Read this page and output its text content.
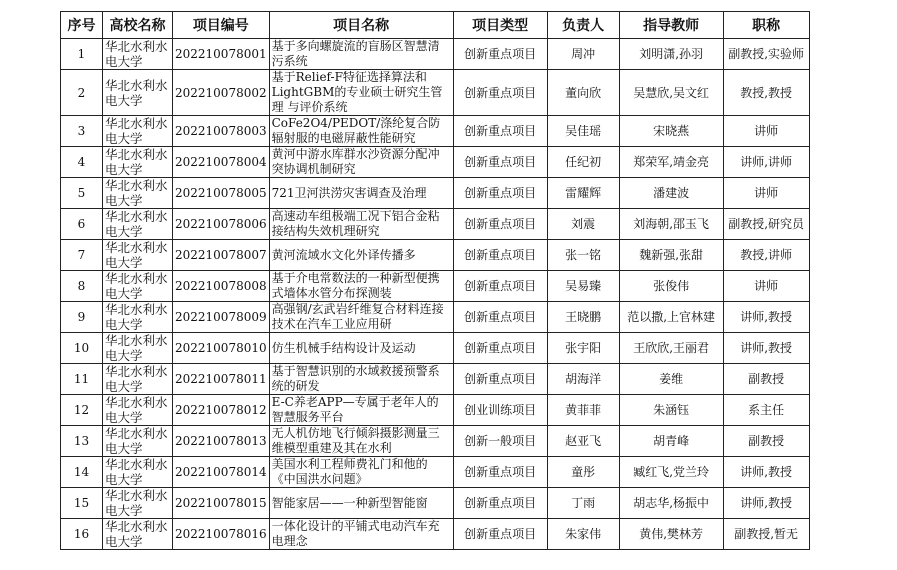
序号	高校名称	项目编号	项目名称	项目类型	负责人	指导教师	职称
1	华北水利水电大学	202210078001	基于多向螺旋流的盲肠区智慧清污系统	创新重点项目	周冲	刘明潇,孙羽	副教授,实验师
2	华北水利水电大学	202210078002	基于Relief-F特征选择算法和LightGBM的专业硕士研究生管理 与评价系统	创新重点项目	董向欣	吴慧欣,吴文红	教授,教授
3	华北水利水电大学	202210078003	CoFe2O4/PEDOT/涤纶复合防辐射服的电磁屏蔽性能研究	创新重点项目	吴佳瑶	宋晓燕	讲师
4	华北水利水电大学	202210078004	黄河中游水库群水沙资源分配冲突协调机制研究	创新重点项目	任纪初	郑荣军,靖金亮	讲师,讲师
5	华北水利水电大学	202210078005	721卫河洪涝灾害调查及治理	创新重点项目	雷耀辉	潘建波	讲师
6	华北水利水电大学	202210078006	高速动车组极端工况下铝合金粘接结构失效机理研究	创新重点项目	刘震	刘海朝,邵玉飞	副教授,研究员
7	华北水利水电大学	202210078007	黄河流域水文化外译传播多	创新重点项目	张一铭	魏新强,张甜	教授,讲师
8	华北水利水电大学	202210078008	基于介电常数法的一种新型便携式墙体水管分布探测装	创新重点项目	吴易臻	张俊伟	讲师
9	华北水利水电大学	202210078009	高强钢/玄武岩纤维复合材料连接技术在汽车工业应用研	创新重点项目	王晓鹏	范以撒,上官林建	讲师,教授
10	华北水利水电大学	202210078010	仿生机械手结构设计及运动	创新重点项目	张宇阳	王欣欣,王丽君	讲师,教授
11	华北水利水电大学	202210078011	基于智慧识别的水域救援预警系统的研发	创新重点项目	胡海洋	姜维	副教授
12	华北水利水电大学	202210078012	E-C养老APP—专属于老年人的智慧服务平台	创业训练项目	黄菲菲	朱涵钰	系主任
13	华北水利水电大学	202210078013	无人机仿地飞行倾斜摄影测量三维模型重建及其在水利	创新一般项目	赵亚飞	胡青峰	副教授
14	华北水利水电大学	202210078014	美国水利工程师费礼门和他的《中国洪水问题》	创新重点项目	童彤	臧红飞,党兰玲	讲师,教授
15	华北水利水电大学	202210078015	智能家居——一种新型智能窗	创新重点项目	丁雨	胡志华,杨振中	讲师,教授
16	华北水利水电大学	202210078016	一体化设计的平铺式电动汽车充电理念	创新重点项目	朱家伟	黄伟,樊林芳	副教授,暂无
